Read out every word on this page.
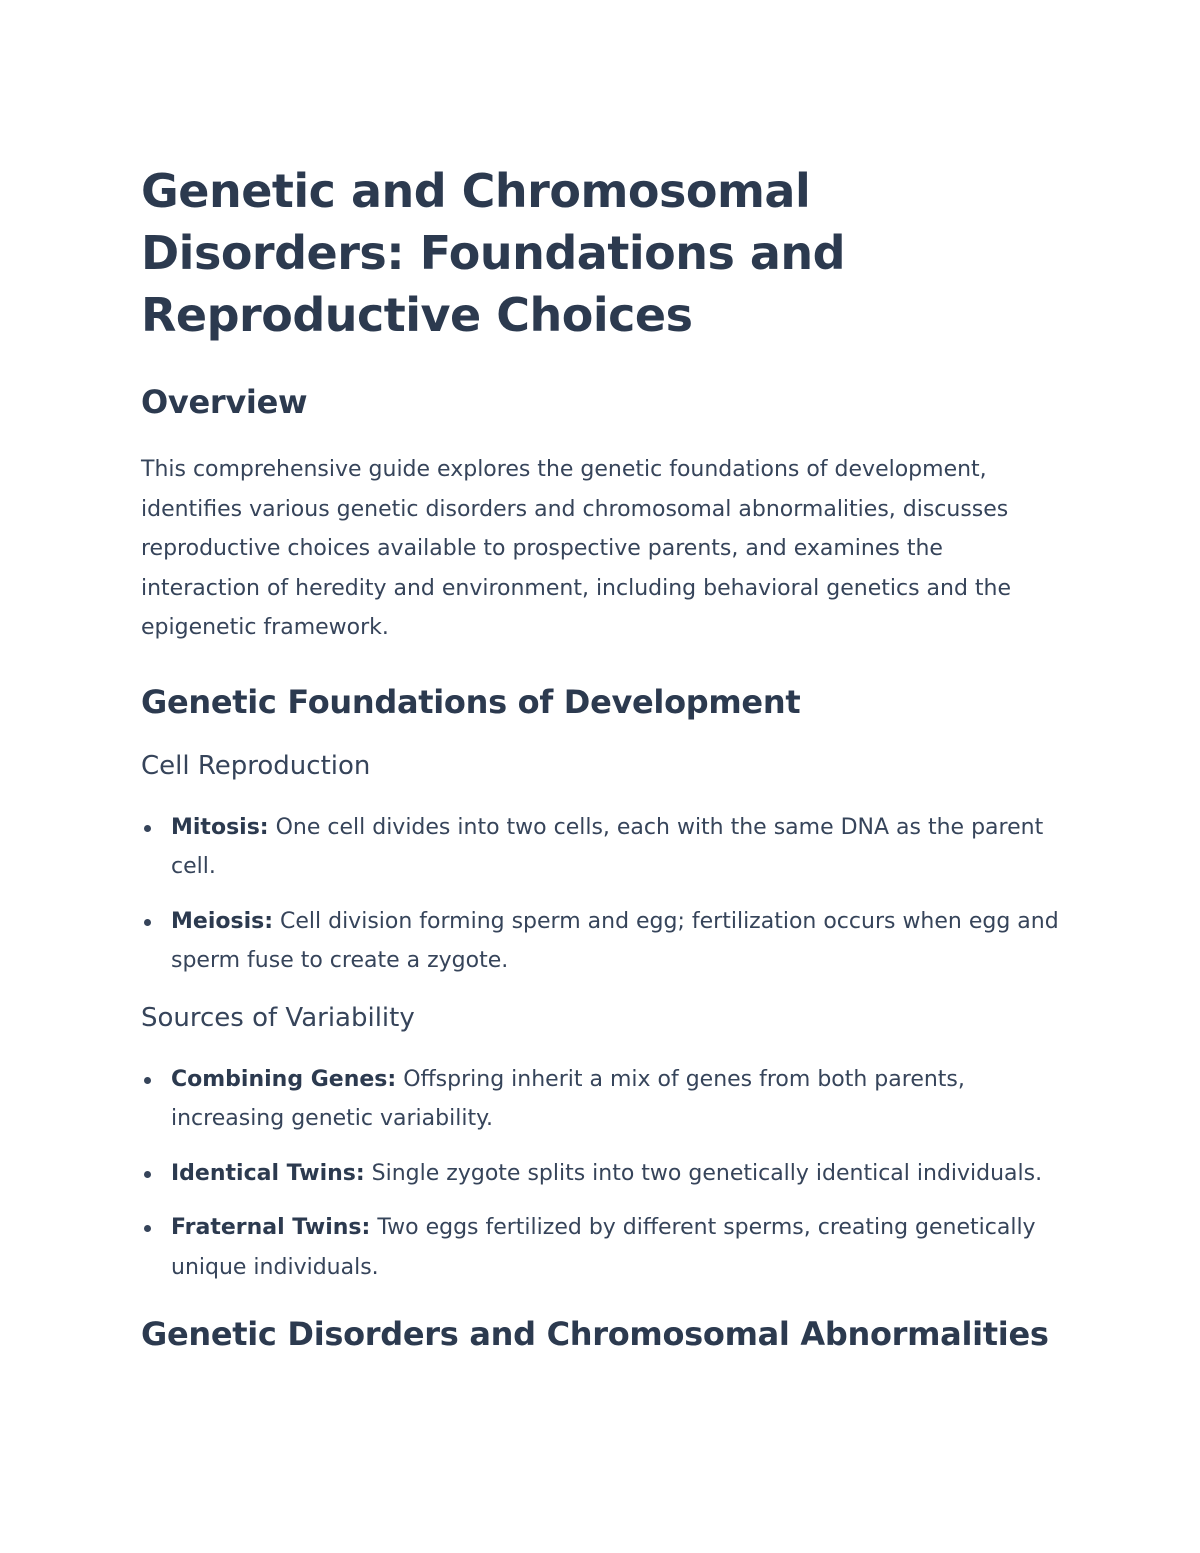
Genetic and Chromosomal Disorders: Foundations and Reproductive Choices
Overview

This comprehensive guide explores the genetic foundations of development, identifies various genetic disorders and chromosomal abnormalities, discusses reproductive choices available to prospective parents, and examines the interaction of heredity and environment, including behavioral genetics and the epigenetic framework.

Genetic Foundations of Development
Cell Reproduction
Mitosis: One cell divides into two cells, each with the same DNA as the parent cell.
Meiosis: Cell division forming sperm and egg; fertilization occurs when egg and sperm fuse to create a zygote.
Sources of Variability
Combining Genes: Offspring inherit a mix of genes from both parents, increasing genetic variability.
Identical Twins: Single zygote splits into two genetically identical individuals.
Fraternal Twins: Two eggs fertilized by different sperms, creating genetically unique individuals.
Genetic Disorders and Chromosomal Abnormalities
